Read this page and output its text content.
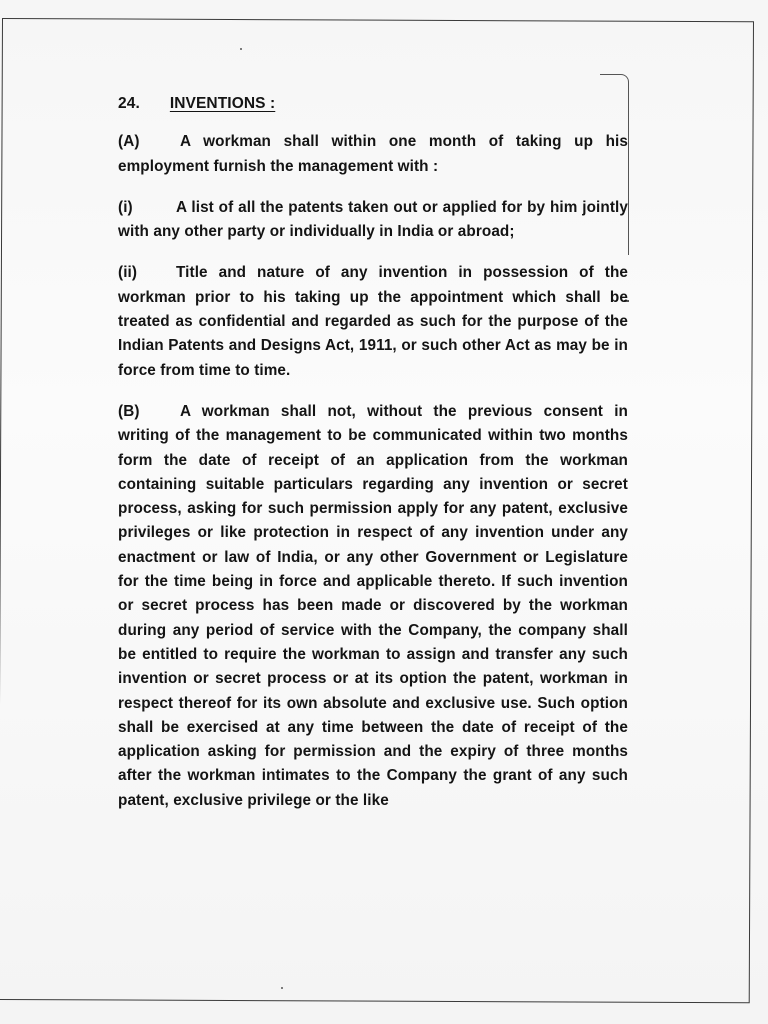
24. INVENTIONS :

(A)	A workman shall within one month of taking up his employment furnish the management with :

(i)	A list of all the patents taken out or applied for by him jointly with any other party or individually in India or abroad;

(ii)	Title and nature of any invention in possession of the workman prior to his taking up the appointment which shall be treated as confidential and regarded as such for the purpose of the Indian Patents and Designs Act, 1911, or such other Act as may be in force from time to time.

(B)	A workman shall not, without the previous consent in writing of the management to be communicated within two months form the date of receipt of an application from the workman containing suitable particulars regarding any invention or secret process, asking for such permission apply for any patent, exclusive privileges or like protection in respect of any invention under any enactment or law of India, or any other Government or Legislature for the time being in force and applicable thereto. If such invention or secret process has been made or discovered by the workman during any period of service with the Company, the company shall be entitled to require the workman to assign and transfer any such invention or secret process or at its option the patent, workman in respect thereof for its own absolute and exclusive use. Such option shall be exercised at any time between the date of receipt of the application asking for permission and the expiry of three months after the workman intimates to the Company the grant of any such patent, exclusive privilege or the like
